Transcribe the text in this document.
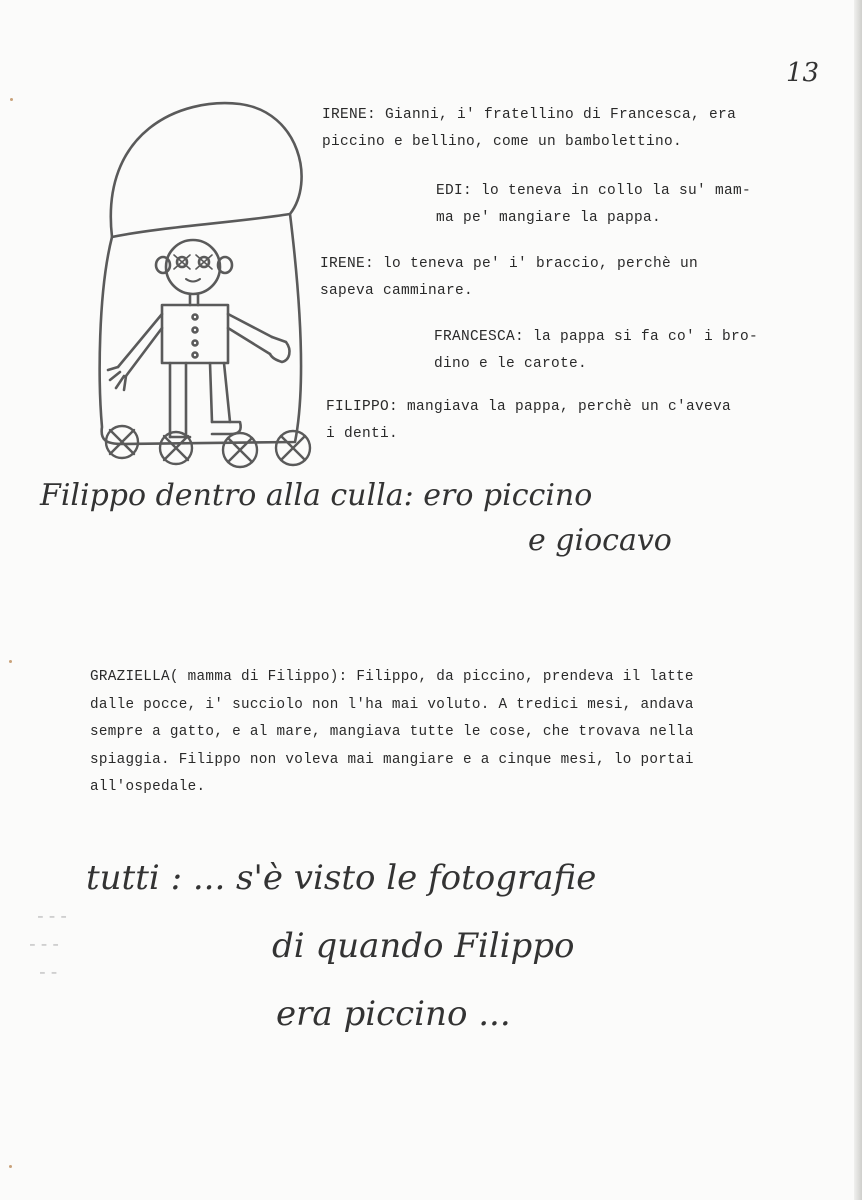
13

IRENE: Gianni, i' fratellino di Francesca, era
piccino e bellino, come un bambolettino.

EDI: lo teneva in collo la su' mam-
ma pe' mangiare la pappa.

IRENE: lo teneva pe' i' braccio, perchè un
sapeva camminare.

FRANCESCA: la pappa si fa co' i bro-
dino e le carote.

FILIPPO: mangiava la pappa, perchè un c'aveva
i denti.

Filippo dentro alla culla: ero piccino

e giocavo

GRAZIELLA( mamma di Filippo): Filippo, da piccino, prendeva il latte
dalle pocce, i' succiolo non l'ha mai voluto. A tredici mesi, andava
sempre a gatto, e al mare, mangiava tutte le cose, che trovava nella
spiaggia. Filippo non voleva mai mangiare e a cinque mesi, lo portai
all'ospedale.

▬ ▬ ▬
▬ ▬ ▬
▬ ▬

tutti : ... s'è visto le fotografie

di quando Filippo

era piccino ...
